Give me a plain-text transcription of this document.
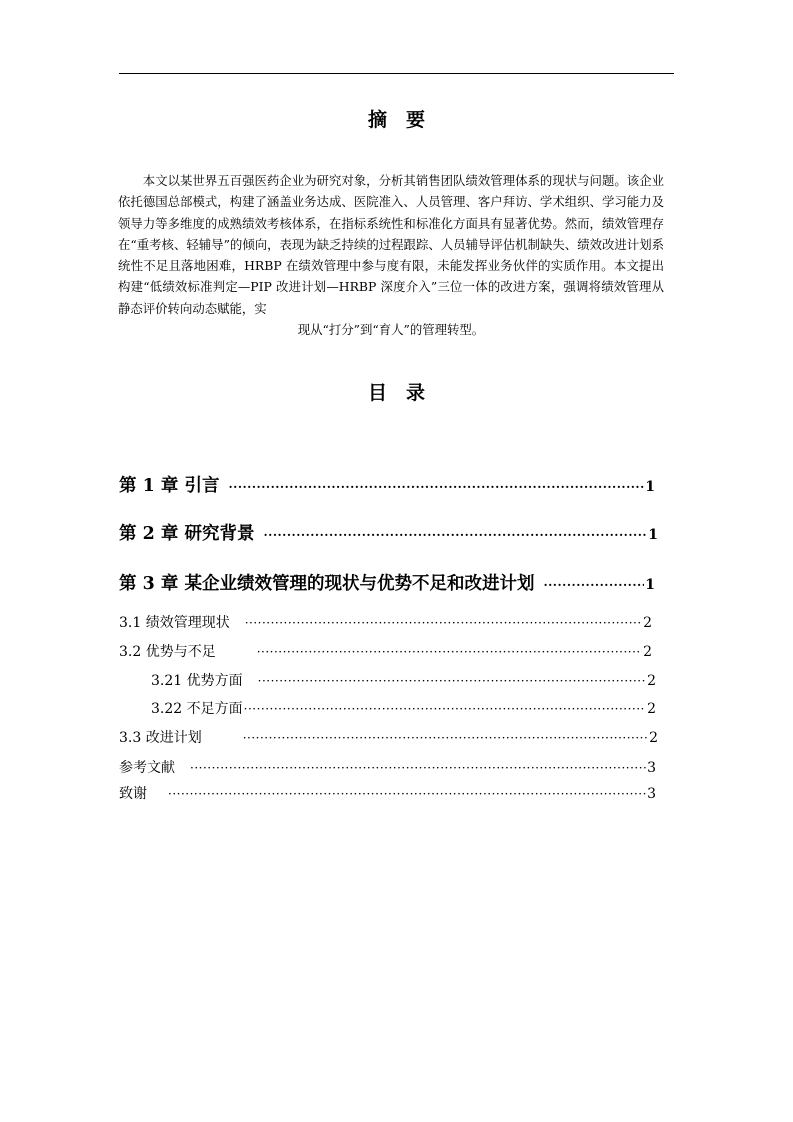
摘　要
本文以某世界五百强医药企业为研究对象，分析其销售团队绩效管理体系的现状与问题。该企业依托德国总部模式，构建了涵盖业务达成、医院准入、人员管理、客户拜访、学术组织、学习能力及领导力等多维度的成熟绩效考核体系，在指标系统性和标准化方面具有显著优势。然而，绩效管理存在“重考核、轻辅导”的倾向，表现为缺乏持续的过程跟踪、人员辅导评估机制缺失、绩效改进计划系统性不足且落地困难，HRBP 在绩效管理中参与度有限，未能发挥业务伙伴的实质作用。本文提出构建“低绩效标准判定—PIP 改进计划—HRBP 深度介入”三位一体的改进方案，强调将绩效管理从静态评价转向动态赋能，实
现从“打分”到“育人”的管理转型。
目　录
第 1 章 引言 ·····	1
第 2 章 研究背景 ·····	1
第 3 章 某企业绩效管理的现状与优势不足和改进计划 ·····	1
3.1 绩效管理现状 ·····	2
3.2 优势与不足 ·····	2
3.21 优势方面 ·····	2
3.22 不足方面 ·····	2
3.3 改进计划 ·····	2
参考文献 ·····	3
致谢 ·····	3
